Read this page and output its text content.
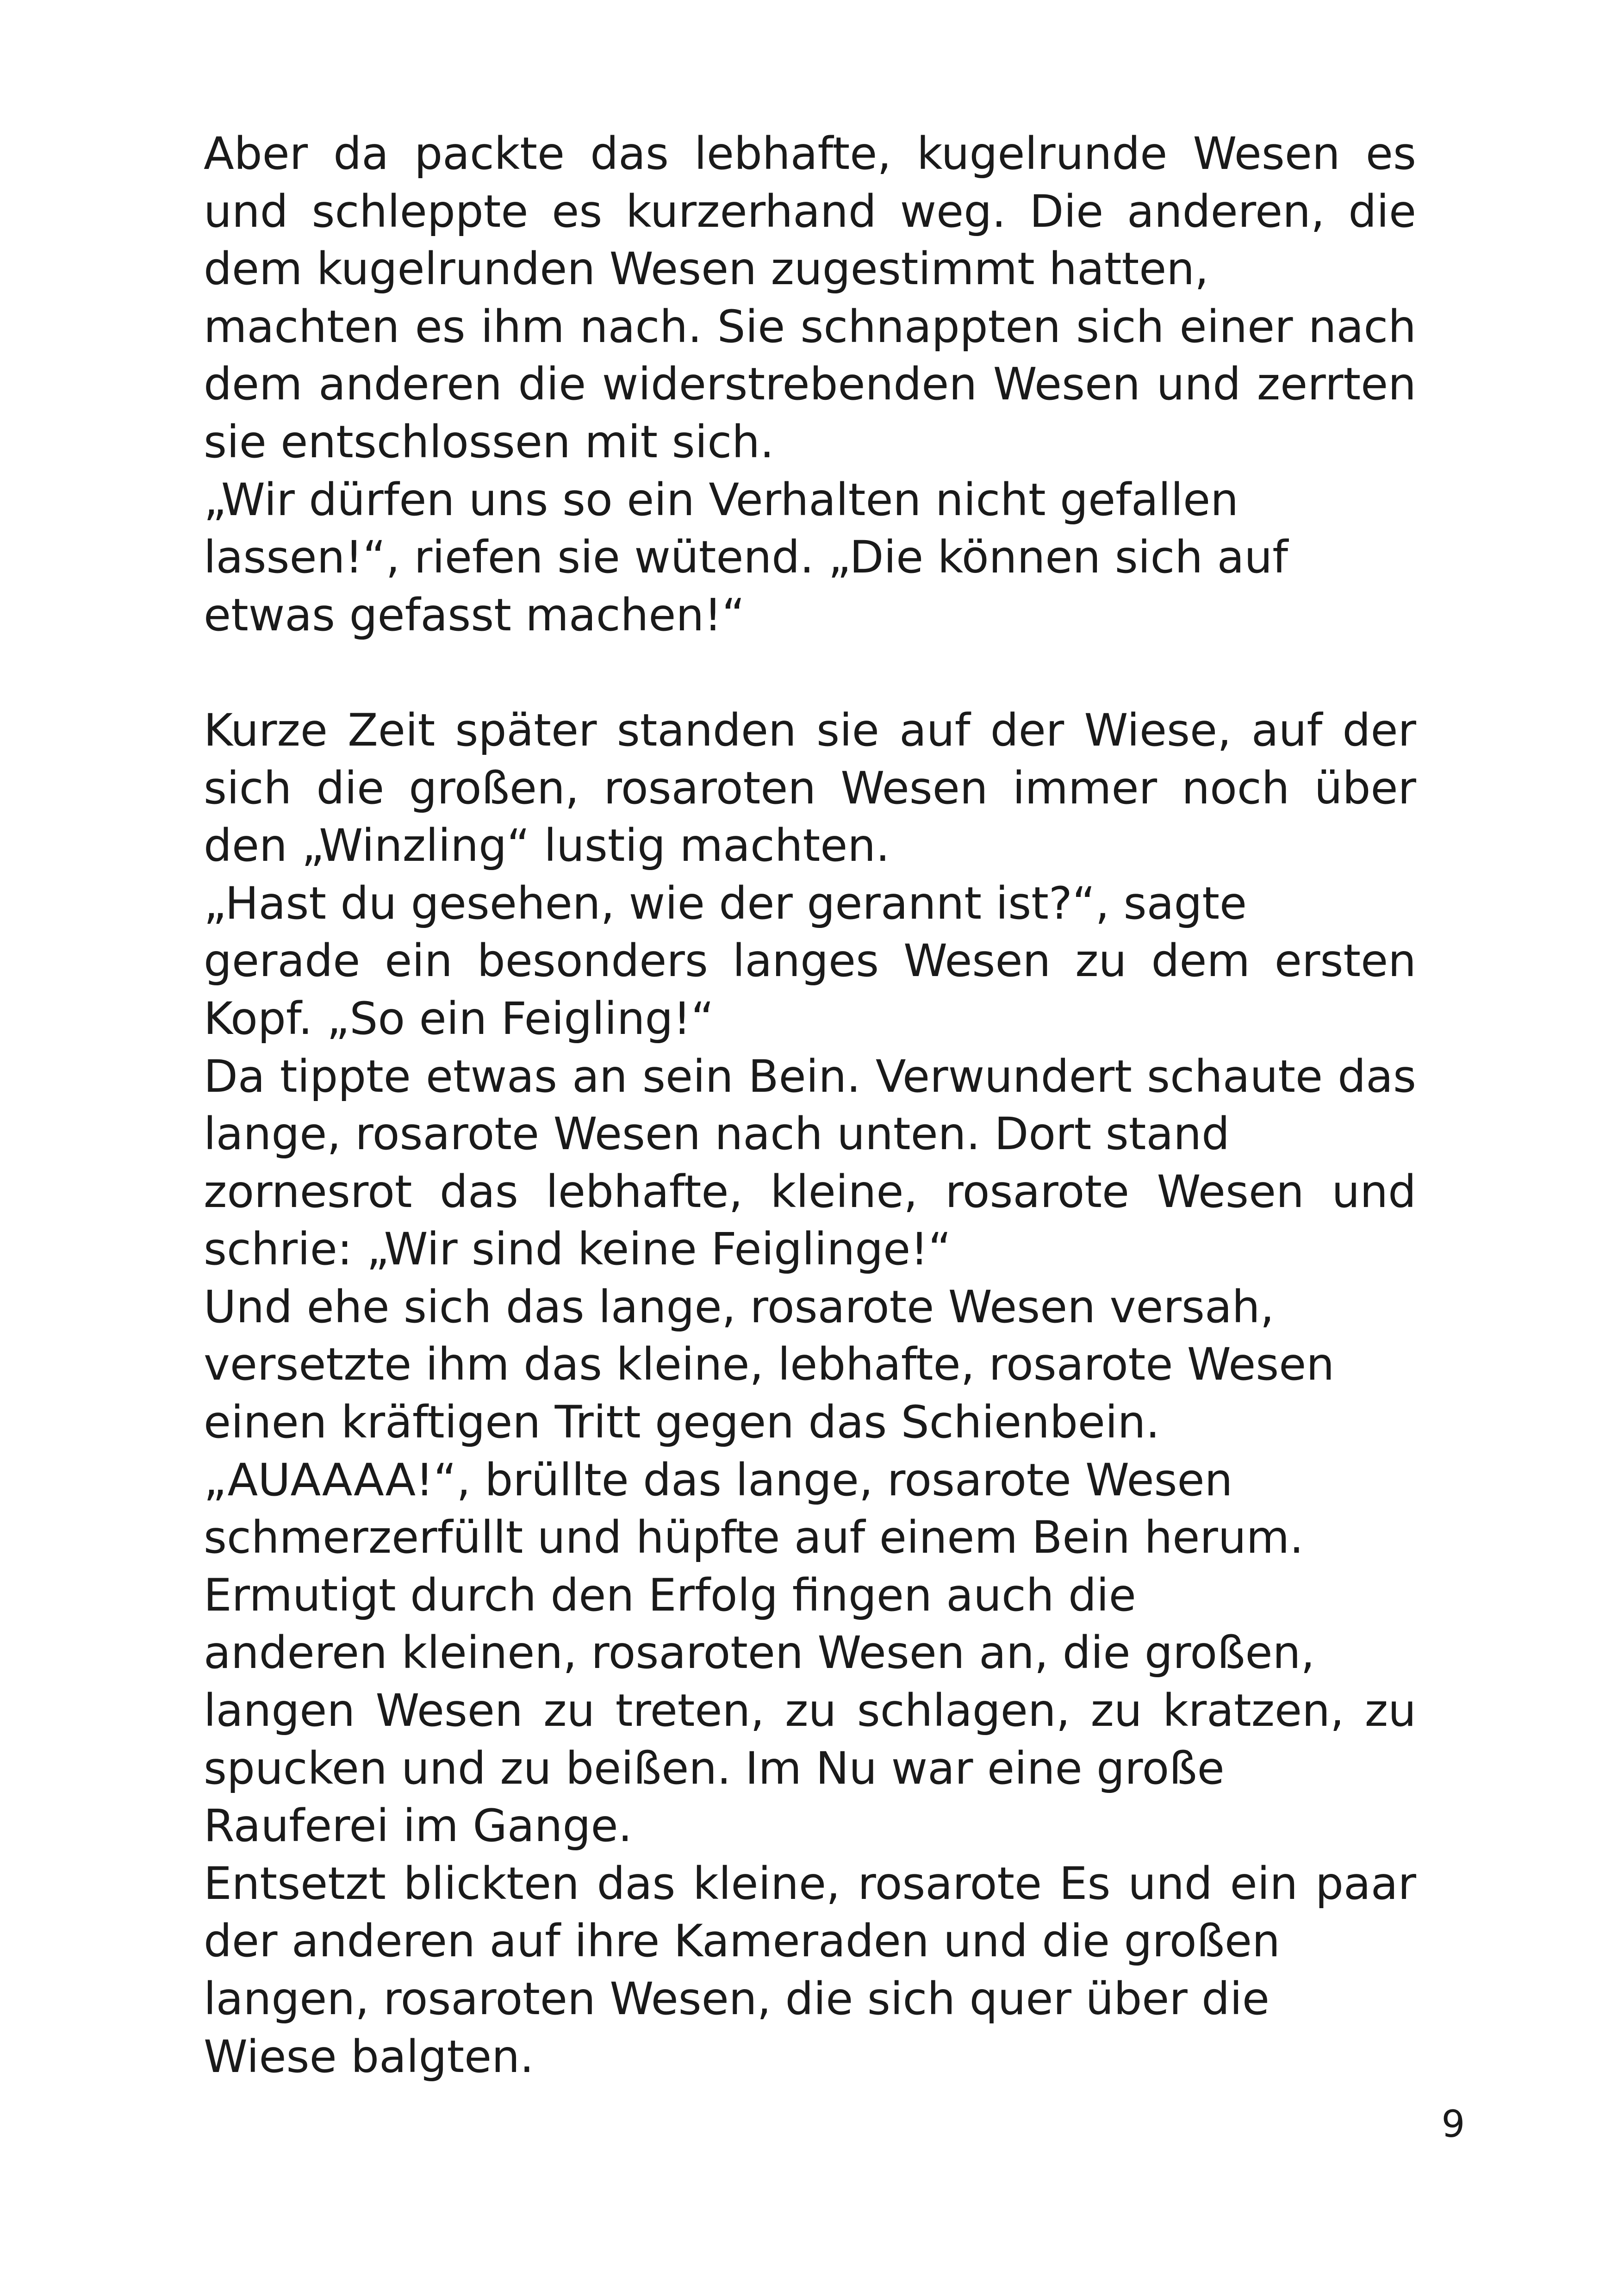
Aber da packte das lebhafte, kugelrunde Wesen es
und schleppte es kurzerhand weg. Die anderen, die
dem kugelrunden Wesen zugestimmt hatten,
machten es ihm nach. Sie schnappten sich einer nach
dem anderen die widerstrebenden Wesen und zerrten
sie entschlossen mit sich.
„Wir dürfen uns so ein Verhalten nicht gefallen
lassen!“, riefen sie wütend. „Die können sich auf
etwas gefasst machen!“
Kurze Zeit später standen sie auf der Wiese, auf der
sich die großen, rosaroten Wesen immer noch über
den „Winzling“ lustig machten.
„Hast du gesehen, wie der gerannt ist?“, sagte
gerade ein besonders langes Wesen zu dem ersten
Kopf. „So ein Feigling!“
Da tippte etwas an sein Bein. Verwundert schaute das
lange, rosarote Wesen nach unten. Dort stand
zornesrot das lebhafte, kleine, rosarote Wesen und
schrie: „Wir sind keine Feiglinge!“
Und ehe sich das lange, rosarote Wesen versah,
versetzte ihm das kleine, lebhafte, rosarote Wesen
einen kräftigen Tritt gegen das Schienbein.
„AUAAAA!“, brüllte das lange, rosarote Wesen
schmerzerfüllt und hüpfte auf einem Bein herum.
Ermutigt durch den Erfolg fingen auch die
anderen kleinen, rosaroten Wesen an, die großen,
langen Wesen zu treten, zu schlagen, zu kratzen, zu
spucken und zu beißen. Im Nu war eine große
Rauferei im Gange.
Entsetzt blickten das kleine, rosarote Es und ein paar
der anderen auf ihre Kameraden und die großen
langen, rosaroten Wesen, die sich quer über die
Wiese balgten.
9
